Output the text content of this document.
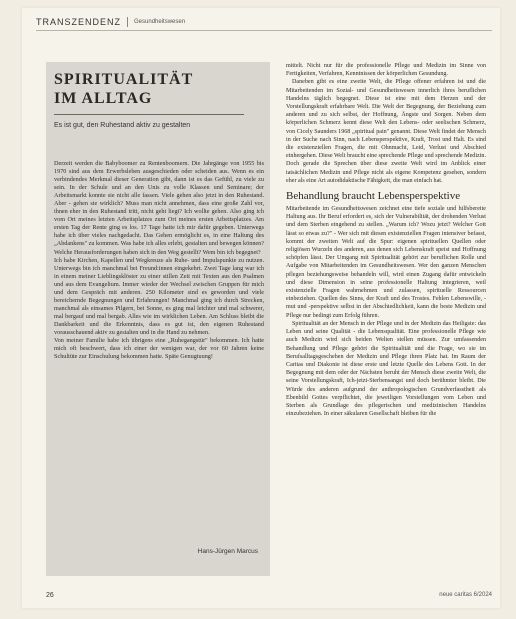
TRANSZENDENZ Gesundheitswesen
SPIRITUALITÄT
IM ALLTAG
Es ist gut, den Ruhestand aktiv zu gestalten

Derzeit werden die Babyboomer zu Rentenboomern. Die Jahrgänge von 1955 bis 1970 sind aus dem Erwerbsleben ausgeschieden oder scheiden aus. Wenn es ein verbindendes Merkmal dieser Generation gibt, dann ist es das Gefühl, zu viele zu sein. In der Schule und an den Unis zu volle Klassen und Seminare; der Arbeitsmarkt konnte sie nicht alle fassen. Viele gehen also jetzt in den Ruhestand. Aber - gehen sie wirklich? Muss man nicht annehmen, dass eine große Zahl vor, ihnen eher in den Ruhestand tritt, nicht geht liegt? Ich wollte gehen. Also ging ich vom Ort meines letzten Arbeitsplatzes zum Ort meines ersten Arbeitsplatzes. Am ersten Tag der Rente ging es los. 17 Tage hatte ich mir dafür gegeben. Unterwegs habe ich über vieles nachgedacht. Das Gehen ermöglicht es, in eine Haltung des „Abdankens" zu kommen. Was habe ich alles erlebt, gestalten und bewegen können? Welche Herausforderungen haben sich in den Weg gestellt? Wem bin ich begegnet?

Ich habe Kirchen, Kapellen und Wegkreuze als Ruhe- und Impulspunkte zu nutzen. Unterwegs bin ich manchmal bei Freund:innen eingekehrt. Zwei Tage lang war ich in einem meiner Lieblingsklöster zu einer stillen Zeit mit Texten aus den Psalmen und aus dem Evangelium. Immer wieder der Wechsel zwischen Gruppen für mich und dem Gespräch mit anderen. 250 Kilometer sind es geworden und viele bereichernde Begegnungen und Erfahrungen! Manchmal ging ich durch Strecken, manchmal als einsames Pilgern, bei Sonne, es ging mal leichter und mal schwerer, mal bergauf und mal bergab. Alles wie im wirklichen Leben. Am Schluss bleibt die Dankbarkeit und die Erkenntnis, dass es gut ist, den eigenen Ruhestand vorausschauend aktiv zu gestalten und in die Hand zu nehmen.

Von meiner Familie habe ich übrigens eine „Ruhegangstür" bekommen. Ich hatte mich oft beschwert, dass ich einer der wenigen war, der vor 60 Jahren keine Schultüte zur Einschulung bekommen hatte. Späte Genugtuung!

Hans-Jürgen Marcus

mittelt. Nicht nur für die professionelle Pflege und Medizin im Sinne von Fertigkeiten, Verfahren, Kenntnissen der körperlichen Gesundung.

Daneben gibt es eine zweite Welt, die Pflege offener erfahren ist und die Mitarbeitenden im Sozial- und Gesundheitswesen innerlich ihres beruflichen Handelns täglich begegnet. Diese ist eine mit dem Herzen und der Vorstellungskraft erfahrbare Welt. Die Welt der Begegnung, der Beziehung zum anderen und zu sich selbst, der Hoffnung, Ängste und Sorgen. Neben dem körperlichen Schmerz kennt diese Welt den Lebens- oder seelischen Schmerz, von Cicely Saunders 1968 „spiritual pain" genannt. Diese Welt findet der Mensch in der Suche nach Sinn, nach Lebensperspektive, Kraft, Trost und Halt. Es sind die existenziellen Fragen, die mit Ohnmacht, Leid, Verlust und Abschied einhergehen. Diese Welt braucht eine sprechende Pflege und sprechende Medizin. Doch gerade die Sprechen über diese zweite Welt wird im Anblick einer tatsächlichen Medizin und Pflege nicht als eigene Kompetenz gesehen, sondern eher als eine Art autodidaktische Fähigkeit, die man einfach hat.

Behandlung braucht Lebensperspektive

Mitarbeitende im Gesundheitswesen zeichnet eine tiefe soziale und hilfsbereite Haltung aus. Ihr Beruf erfordert es, sich der Vulnerabilität, der drohenden Verlust und dem Sterben eingehend zu stellen. „Warum ich? Wozu jetzt? Welcher Gott lässt so etwas zu?" - Wer sich mit diesen existenziellen Fragen intensiver befasst, kommt der zweiten Welt auf die Spur: eigenen spirituellen Quellen oder religiösen Wurzeln des anderen, aus denen sich Lebenskraft speist und Hoffnung schöpfen lässt. Der Umgang mit Spiritualität gehört zur beruflichen Rolle und Aufgabe von Mitarbeitenden im Gesundheitswesen. Wer den ganzen Menschen pflegen beziehungsweise behandeln will, wird einen Zugang dafür entwickeln und diese Dimension in seine professionelle Haltung integrieren, weil existenzielle Fragen wahrnehmen und zulassen, spirituelle Ressourcen einbeziehen. Quellen des Sinns, der Kraft und des Trostes. Fehlen Lebenswille, -mut und -perspektive selbst in der Abschiedlichkeit, kann die beste Medizin und Pflege nur bedingt zum Erfolg führen.

Spiritualität an der Mensch in der Pflege und in der Medizin das Heiligste: das Leben und seine Qualität - die Lebensqualität. Eine professionelle Pflege wie auch Medizin wird sich beiden Welten stellen müssen. Zur umfassenden Behandlung und Pflege gehört die Spiritualität und die Frage, wo sie im Berufsalltagsgeschehen der Medizin und Pflege ihren Platz hat. Im Raum der Caritas und Diakonie ist diese erste und letzte Quelle des Lebens Gott. In der Begegnung mit dem oder der Nächsten beruht der Mensch diese zweite Welt, die seine Vorstellungskraft, Ich-jetzt-Sterbensangst und doch berühmter bleibt. Die Würde des anderen aufgrund der anthropologischen Grundverfasstheit als Ebenbild Gottes verpflichtet, die jeweiligen Vorstellungen vom Leben und Sterben als Grundlage des pflegerischen und medizinischen Handelns einzubeziehen. In einer säkularen Gesellschaft bleiben für die

26	neue caritas 6/2024
